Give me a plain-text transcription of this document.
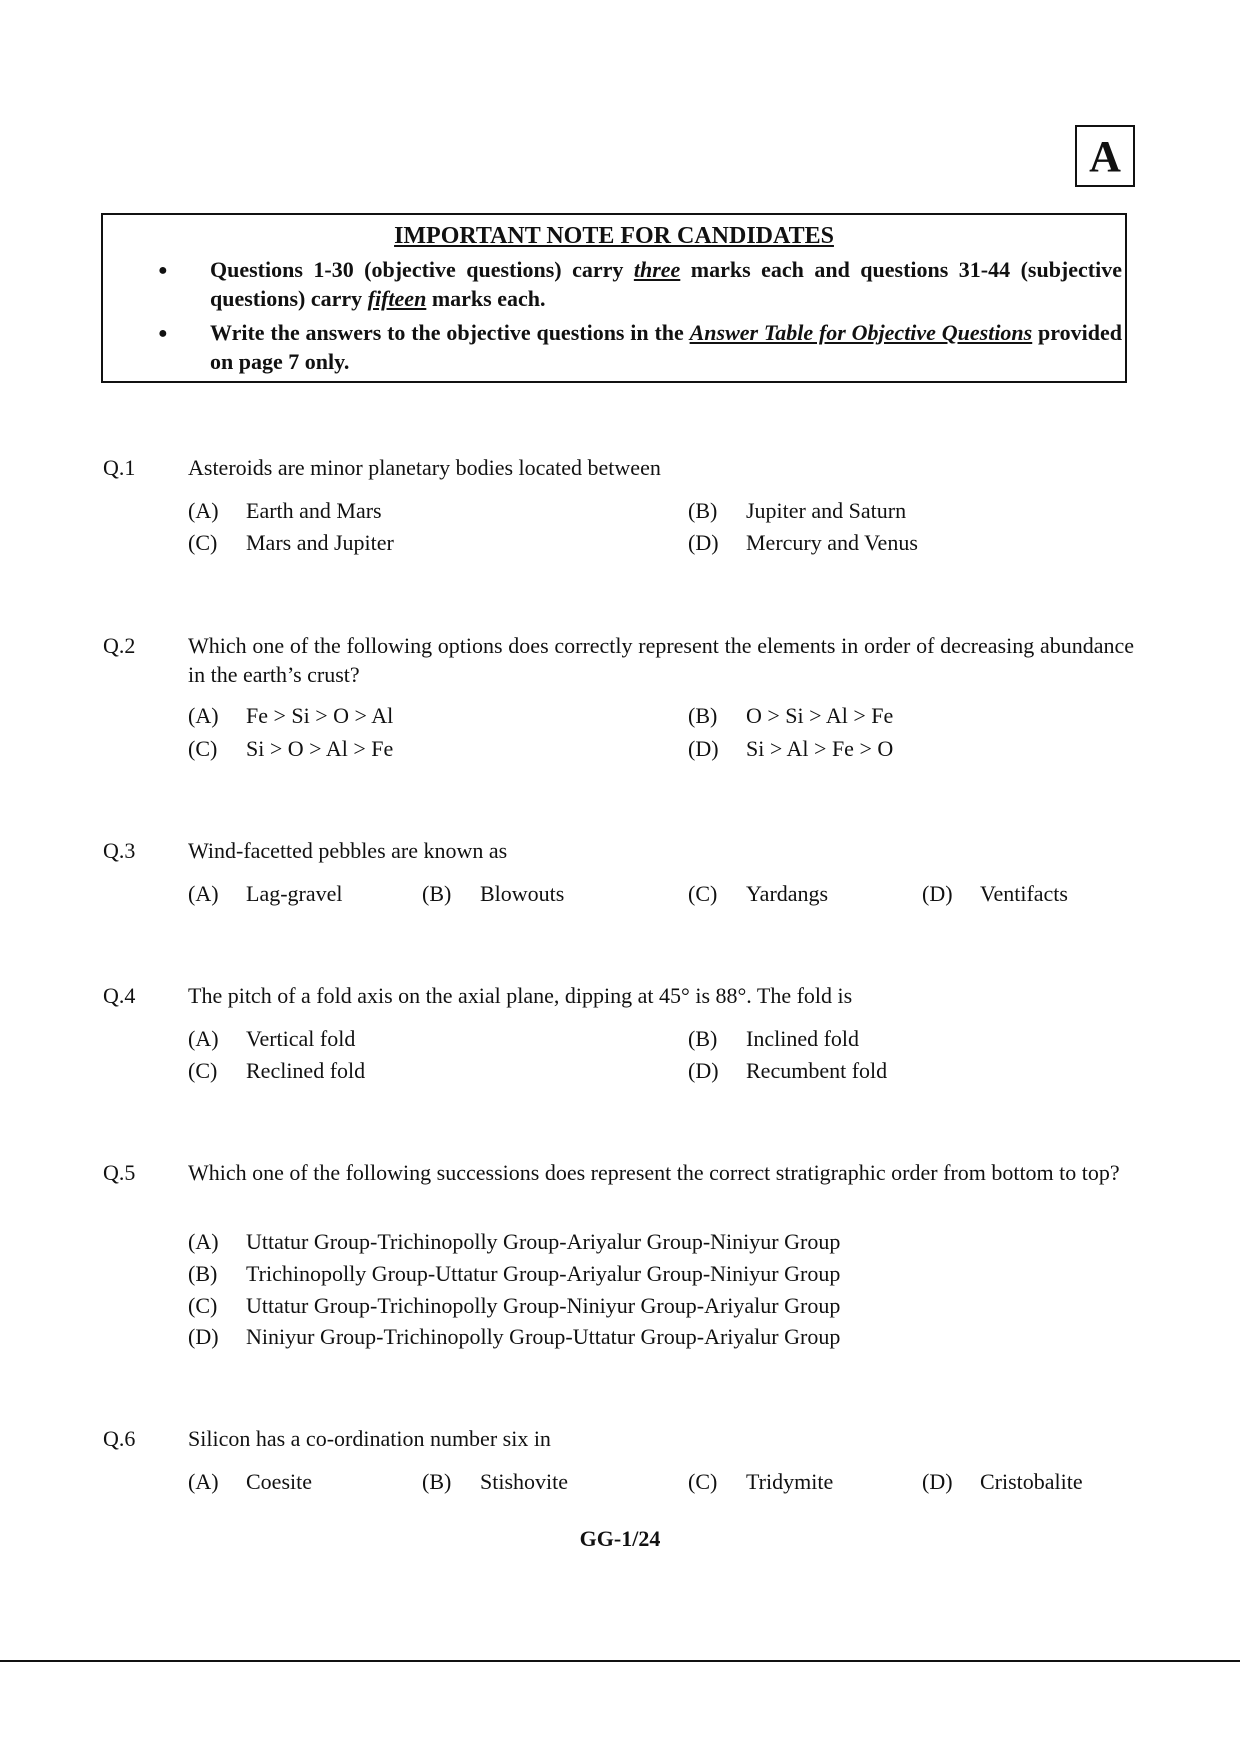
A
IMPORTANT NOTE FOR CANDIDATES
● Questions 1-30 (objective questions) carry three marks each and questions 31-44 (subjective questions) carry fifteen marks each.
● Write the answers to the objective questions in the Answer Table for Objective Questions provided on page 7 only.
Q.1 Asteroids are minor planetary bodies located between
(A) Earth and Mars	(B) Jupiter and Saturn
(C) Mars and Jupiter	(D) Mercury and Venus
Q.2 Which one of the following options does correctly represent the elements in order of decreasing abundance in the earth’s crust?
(A) Fe > Si > O > Al	(B) O > Si > Al > Fe
(C) Si > O > Al > Fe	(D) Si > Al > Fe > O
Q.3 Wind-facetted pebbles are known as
(A) Lag-gravel	(B) Blowouts	(C) Yardangs	(D) Ventifacts
Q.4 The pitch of a fold axis on the axial plane, dipping at 45° is 88°. The fold is
(A) Vertical fold	(B) Inclined fold
(C) Reclined fold	(D) Recumbent fold
Q.5 Which one of the following successions does represent the correct stratigraphic order from bottom to top?
(A) Uttatur Group-Trichinopolly Group-Ariyalur Group-Niniyur Group
(B) Trichinopolly Group-Uttatur Group-Ariyalur Group-Niniyur Group
(C) Uttatur Group-Trichinopolly Group-Niniyur Group-Ariyalur Group
(D) Niniyur Group-Trichinopolly Group-Uttatur Group-Ariyalur Group
Q.6 Silicon has a co-ordination number six in
(A) Coesite	(B) Stishovite	(C) Tridymite	(D) Cristobalite
GG-1/24
